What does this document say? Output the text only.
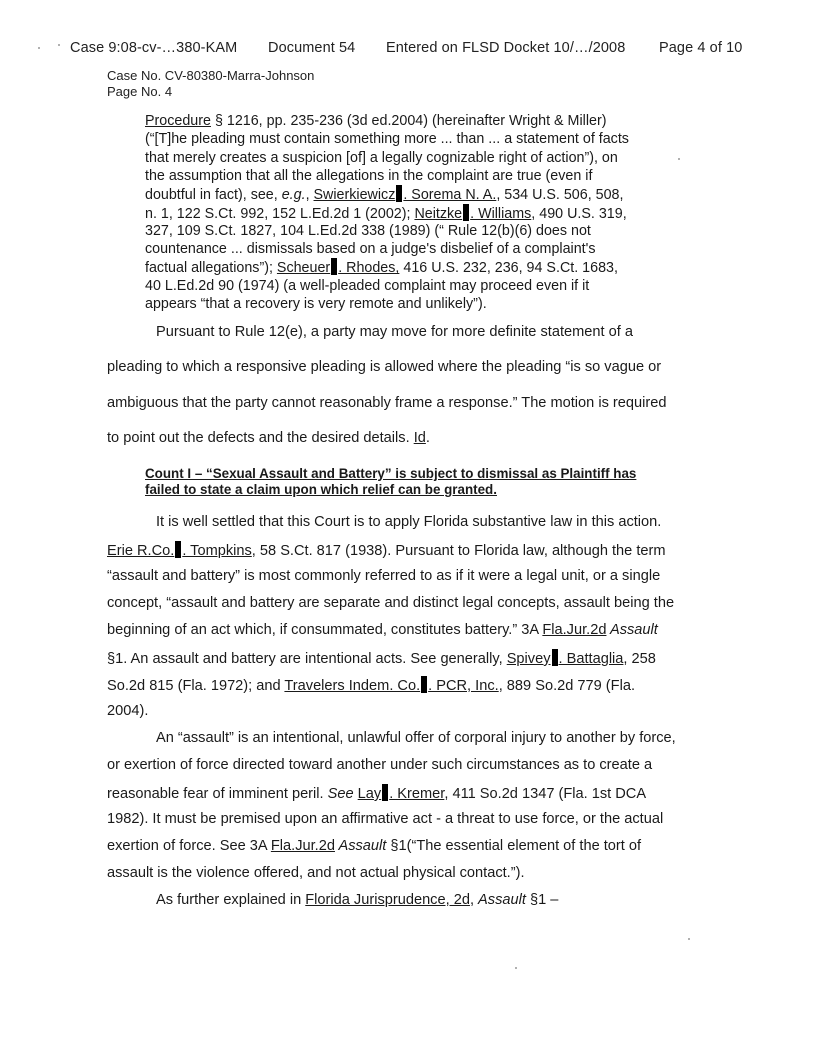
Case 9:08-cv-…380-KAM Document 54 Entered on FLSD Docket 10/…/2008 Page 4 of 10
Case No. CV-80380-Marra-Johnson
Page No. 4
Procedure § 1216, pp. 235-236 (3d ed.2004) (hereinafter Wright & Miller)
(“[T]he pleading must contain something more ... than ... a statement of facts
that merely creates a suspicion [of] a legally cognizable right of action”), on
the assumption that all the allegations in the complaint are true (even if
doubtful in fact), see, e.g., Swierkiewicz . Sorema N. A., 534 U.S. 506, 508,
n. 1, 122 S.Ct. 992, 152 L.Ed.2d 1 (2002); Neitzke . Williams, 490 U.S. 319,
327, 109 S.Ct. 1827, 104 L.Ed.2d 338 (1989) (“ Rule 12(b)(6) does not
countenance ... dismissals based on a judge's disbelief of a complaint's
factual allegations”); Scheuer . Rhodes, 416 U.S. 232, 236, 94 S.Ct. 1683,
40 L.Ed.2d 90 (1974) (a well-pleaded complaint may proceed even if it
appears “that a recovery is very remote and unlikely”).
Pursuant to Rule 12(e), a party may move for more definite statement of a
pleading to which a responsive pleading is allowed where the pleading “is so vague or
ambiguous that the party cannot reasonably frame a response.” The motion is required
to point out the defects and the desired details. Id.
Count I – “Sexual Assault and Battery” is subject to dismissal as Plaintiff has
failed to state a claim upon which relief can be granted.
It is well settled that this Court is to apply Florida substantive law in this action.
Erie R.Co. . Tompkins, 58 S.Ct. 817 (1938). Pursuant to Florida law, although the term
“assault and battery” is most commonly referred to as if it were a legal unit, or a single
concept, “assault and battery are separate and distinct legal concepts, assault being the
beginning of an act which, if consummated, constitutes battery.” 3A Fla.Jur.2d Assault
§1. An assault and battery are intentional acts. See generally, Spivey . Battaglia, 258
So.2d 815 (Fla. 1972); and Travelers Indem. Co. . PCR, Inc., 889 So.2d 779 (Fla.
2004).
An “assault” is an intentional, unlawful offer of corporal injury to another by force,
or exertion of force directed toward another under such circumstances as to create a
reasonable fear of imminent peril. See Lay . Kremer, 411 So.2d 1347 (Fla. 1st DCA
1982). It must be premised upon an affirmative act - a threat to use force, or the actual
exertion of force. See 3A Fla.Jur.2d Assault §1(“The essential element of the tort of
assault is the violence offered, and not actual physical contact.”).
As further explained in Florida Jurisprudence, 2d, Assault §1 –
